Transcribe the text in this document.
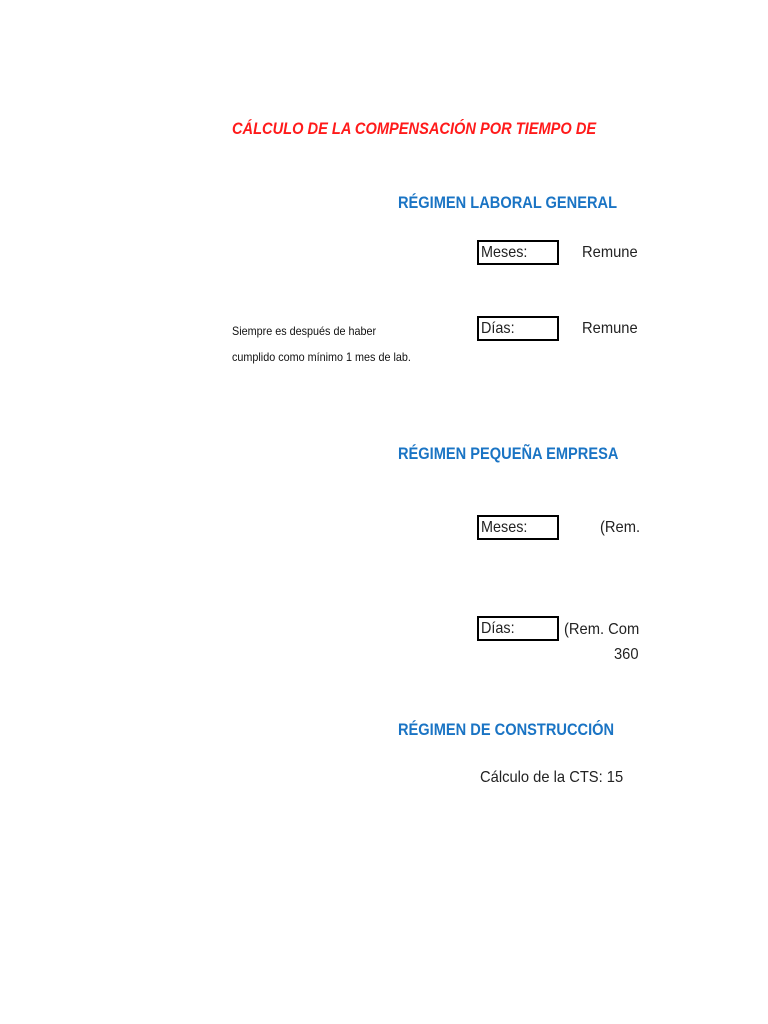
CÁLCULO DE LA COMPENSACIÓN POR TIEMPO DE
RÉGIMEN LABORAL GENERAL
Meses:	Remune
Siempre es después de haber
cumplido como mínimo 1 mes de lab.
Días:	Remune
RÉGIMEN PEQUEÑA EMPRESA
Meses:	(Rem.
Días:	(Rem. Com
360
RÉGIMEN DE CONSTRUCCIÓN
Cálculo de la CTS: 15
